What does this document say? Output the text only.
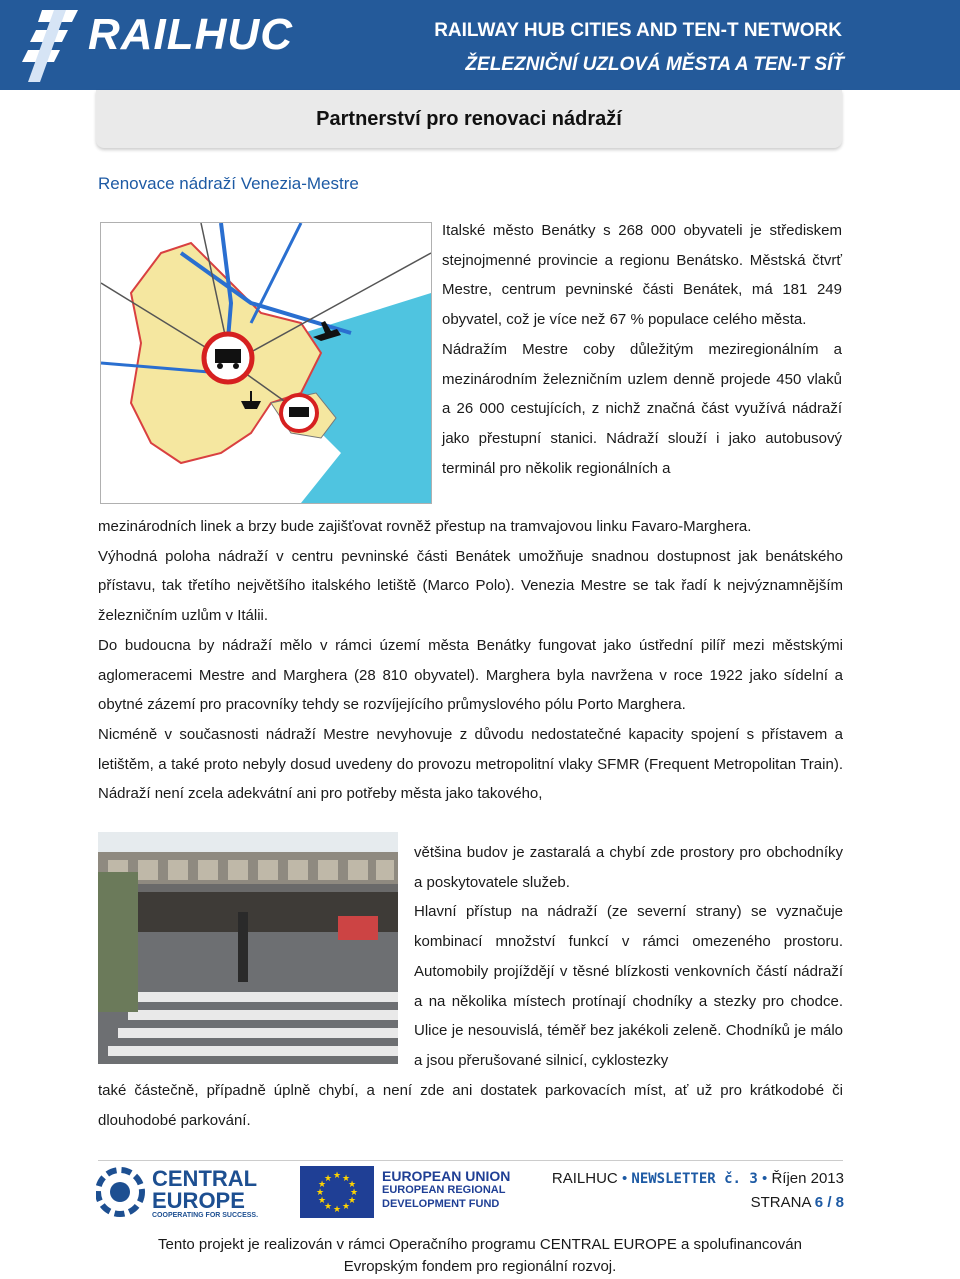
RAILHUC	RAILWAY HUB CITIES AND TEN-T NETWORK
ŽELEZNIČNÍ UZLOVÁ MĚSTA A TEN-T SÍŤ
Partnerství pro renovaci nádraží
Renovace nádraží Venezia-Mestre

Italské město Benátky s 268 000 obyvateli je střediskem stejnojmenné provincie a regionu Benátsko. Městská čtvrť Mestre, centrum pevninské části Benátek, má 181 249 obyvatel, což je více než 67 % populace celého města.
Nádražím Mestre coby důležitým meziregionálním a mezinárodním železničním uzlem denně projede 450 vlaků a 26 000 cestujících, z nichž značná část využívá nádraží jako přestupní stanici. Nádraží slouží i jako autobusový terminál pro několik regionálních a

mezinárodních linek a brzy bude zajišťovat rovněž přestup na tramvajovou linku Favaro-Marghera.
Výhodná poloha nádraží v centru pevninské části Benátek umožňuje snadnou dostupnost jak benátského přístavu, tak třetího největšího italského letiště (Marco Polo). Venezia Mestre se tak řadí k nejvýznamnějším železničním uzlům v Itálii.
Do budoucna by nádraží mělo v rámci území města Benátky fungovat jako ústřední pilíř mezi městskými aglomeracemi Mestre and Marghera (28 810 obyvatel). Marghera byla navržena v roce 1922 jako sídelní a obytné zázemí pro pracovníky tehdy se rozvíjejícího průmyslového pólu Porto Marghera.
Nicméně v současnosti nádraží Mestre nevyhovuje z důvodu nedostatečné kapacity spojení s přístavem a letištěm, a také proto nebyly dosud uvedeny do provozu metropolitní vlaky SFMR (Frequent Metropolitan Train). Nádraží není zcela adekvátní ani pro potřeby města jako takového,

většina budov je zastaralá a chybí zde prostory pro obchodníky a poskytovatele služeb.
Hlavní přístup na nádraží (ze severní strany) se vyznačuje kombinací množství funkcí v rámci omezeného prostoru. Automobily projíždějí v těsné blízkosti venkovních částí nádraží a na několika místech protínají chodníky a stezky pro chodce. Ulice je nesouvislá, téměř bez jakékoli zeleně. Chodníků je málo a jsou přerušované silnicí, cyklostezky

také částečně, případně úplně chybí, a není zde ani dostatek parkovacích míst, ať už pro krátkodobé či dlouhodobé parkování.

CENTRAL
EUROPE
COOPERATING FOR SUCCESS.
★ ★
★
★
★
★
★
★
★
★
★
★	EUROPEAN UNION
EUROPEAN REGIONAL
DEVELOPMENT FUND
RAILHUC • NEWSLETTER č. 3 • Říjen 2013
STRANA 6 / 8
Tento projekt je realizován v rámci Operačního programu CENTRAL EUROPE a spolufinancován
Evropským fondem pro regionální rozvoj.
